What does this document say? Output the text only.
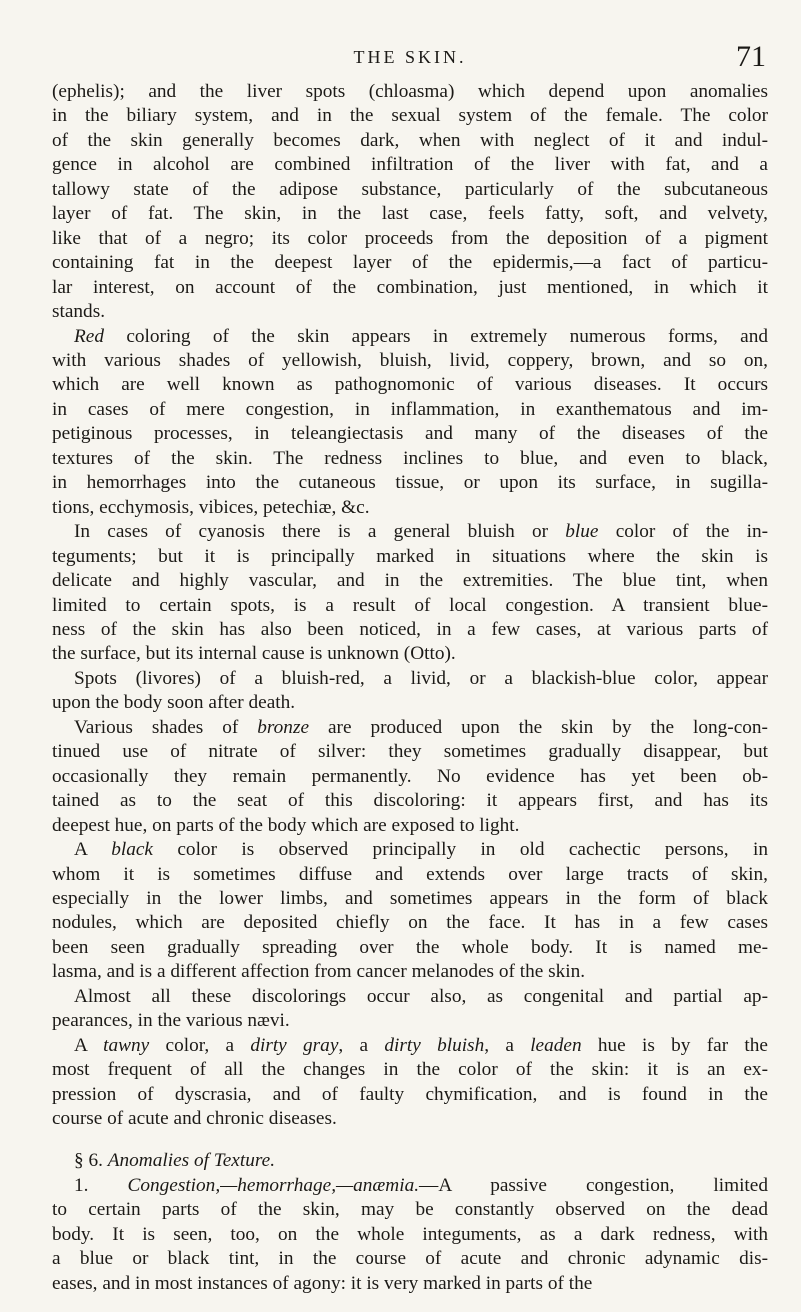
THE SKIN.	71
(ephelis); and the liver spots (chloasma) which depend upon anomalies
in the biliary system, and in the sexual system of the female. The color
of the skin generally becomes dark, when with neglect of it and indul-
gence in alcohol are combined infiltration of the liver with fat, and a
tallowy state of the adipose substance, particularly of the subcutaneous
layer of fat. The skin, in the last case, feels fatty, soft, and velvety,
like that of a negro; its color proceeds from the deposition of a pigment
containing fat in the deepest layer of the epidermis,—a fact of particu-
lar interest, on account of the combination, just mentioned, in which it
stands.
Red coloring of the skin appears in extremely numerous forms, and
with various shades of yellowish, bluish, livid, coppery, brown, and so on,
which are well known as pathognomonic of various diseases. It occurs
in cases of mere congestion, in inflammation, in exanthematous and im-
petiginous processes, in teleangiectasis and many of the diseases of the
textures of the skin. The redness inclines to blue, and even to black,
in hemorrhages into the cutaneous tissue, or upon its surface, in sugilla-
tions, ecchymosis, vibices, petechiæ, &c.
In cases of cyanosis there is a general bluish or blue color of the in-
teguments; but it is principally marked in situations where the skin is
delicate and highly vascular, and in the extremities. The blue tint, when
limited to certain spots, is a result of local congestion. A transient blue-
ness of the skin has also been noticed, in a few cases, at various parts of
the surface, but its internal cause is unknown (Otto).
Spots (livores) of a bluish-red, a livid, or a blackish-blue color, appear
upon the body soon after death.
Various shades of bronze are produced upon the skin by the long-con-
tinued use of nitrate of silver: they sometimes gradually disappear, but
occasionally they remain permanently. No evidence has yet been ob-
tained as to the seat of this discoloring: it appears first, and has its
deepest hue, on parts of the body which are exposed to light.
A black color is observed principally in old cachectic persons, in
whom it is sometimes diffuse and extends over large tracts of skin,
especially in the lower limbs, and sometimes appears in the form of black
nodules, which are deposited chiefly on the face. It has in a few cases
been seen gradually spreading over the whole body. It is named me-
lasma, and is a different affection from cancer melanodes of the skin.
Almost all these discolorings occur also, as congenital and partial ap-
pearances, in the various nævi.
A tawny color, a dirty gray, a dirty bluish, a leaden hue is by far the
most frequent of all the changes in the color of the skin: it is an ex-
pression of dyscrasia, and of faulty chymification, and is found in the
course of acute and chronic diseases.
§ 6. Anomalies of Texture.
1. Congestion,—hemorrhage,—anæmia.—A passive congestion, limited
to certain parts of the skin, may be constantly observed on the dead
body. It is seen, too, on the whole integuments, as a dark redness, with
a blue or black tint, in the course of acute and chronic adynamic dis-
eases, and in most instances of agony: it is very marked in parts of the
